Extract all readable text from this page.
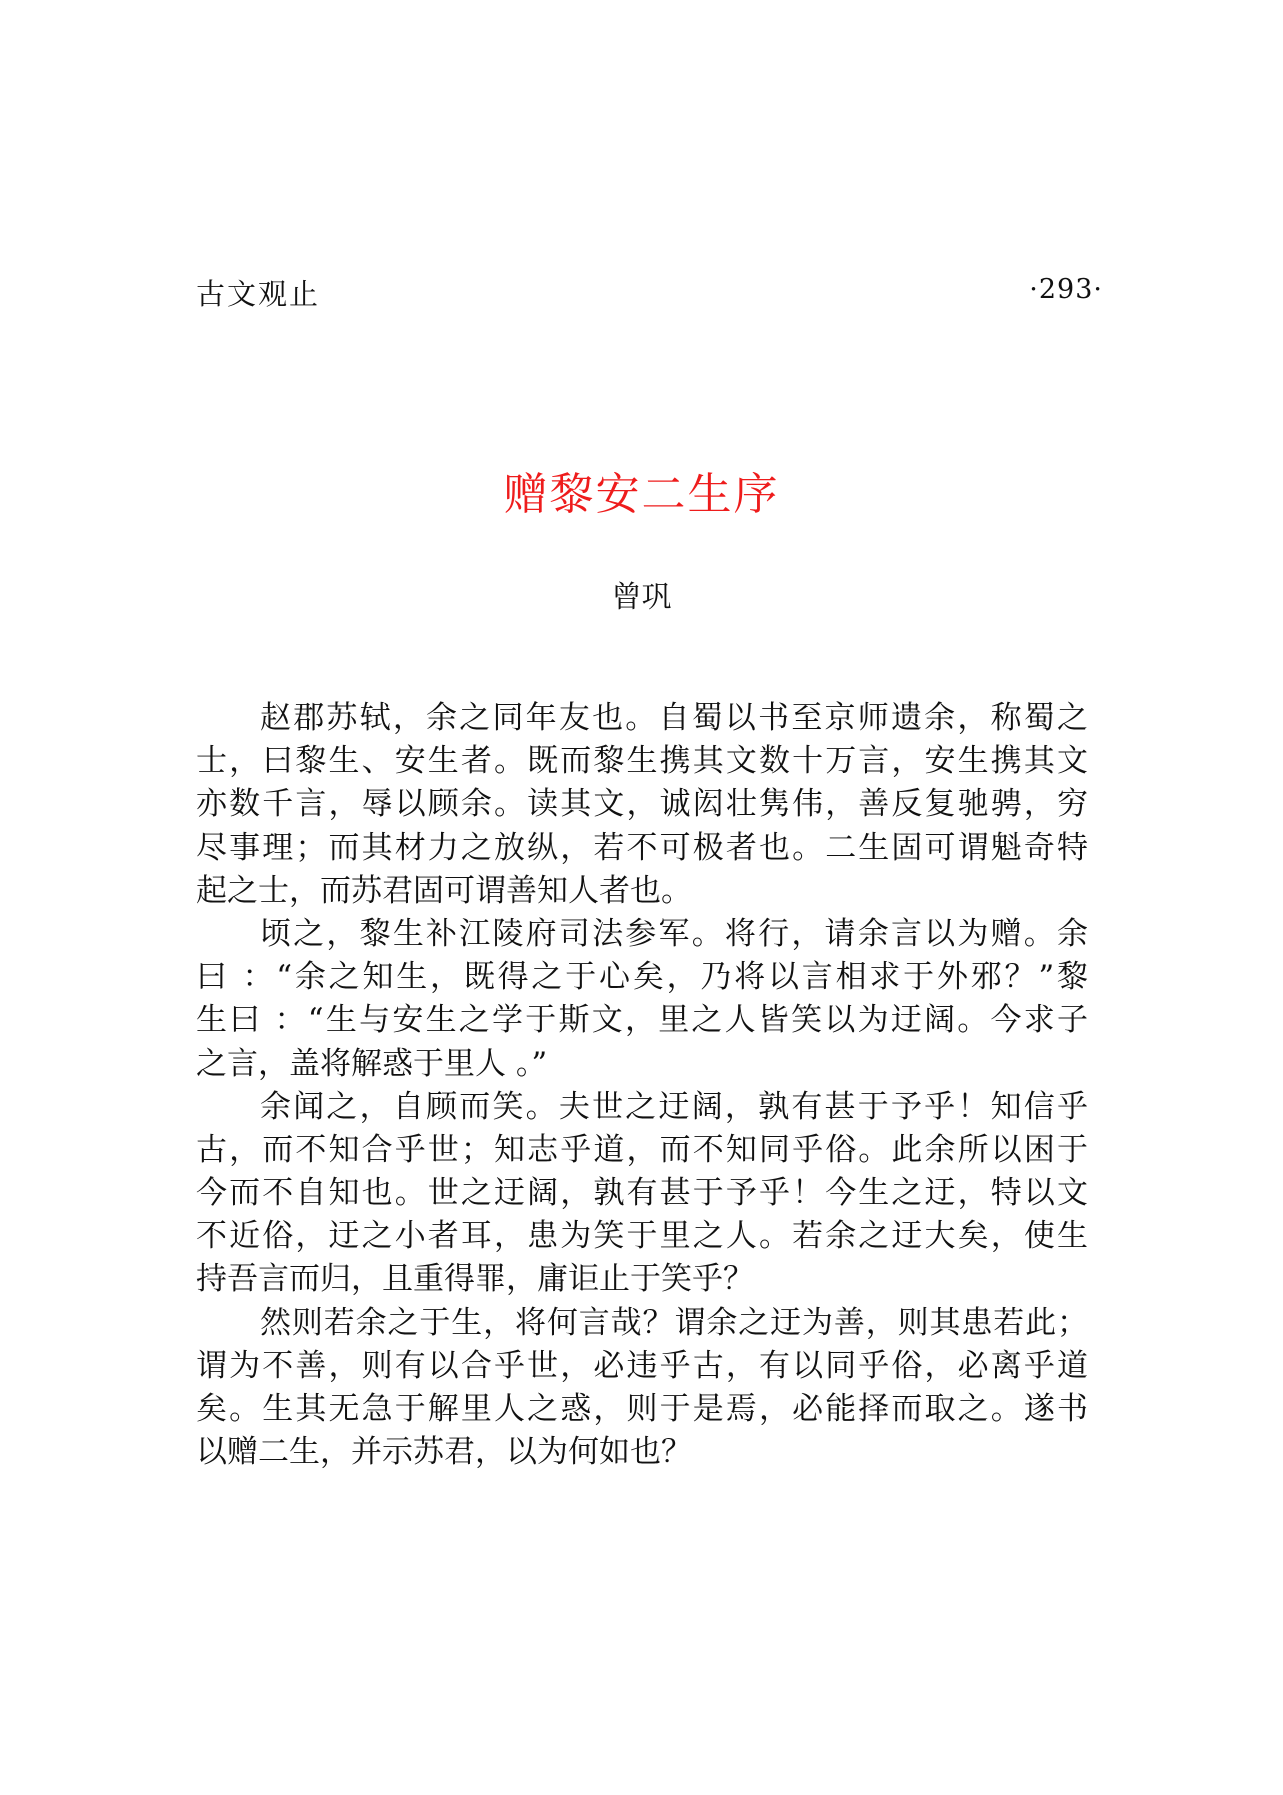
古文观止	·293·
赠黎安二生序
曾巩
赵郡苏轼，余之同年友也。自蜀以书至京师遗余，称蜀之
士，曰黎生、安生者。既而黎生携其文数十万言，安生携其文
亦数千言，辱以顾余。读其文，诚闳壮隽伟，善反复驰骋，穷
尽事理；而其材力之放纵，若不可极者也。二生固可谓魁奇特
起之士，而苏君固可谓善知人者也。
顷之，黎生补江陵府司法参军。将行，请余言以为赠。余
曰 ：“余之知生，既得之于心矣，乃将以言相求于外邪？”黎
生曰 ：“生与安生之学于斯文，里之人皆笑以为迂阔。今求子
之言，盖将解惑于里人 。”
余闻之，自顾而笑。夫世之迂阔，孰有甚于予乎！知信乎
古，而不知合乎世；知志乎道，而不知同乎俗。此余所以困于
今而不自知也。世之迂阔，孰有甚于予乎！今生之迂，特以文
不近俗，迂之小者耳，患为笑于里之人。若余之迂大矣，使生
持吾言而归，且重得罪，庸讵止于笑乎？
然则若余之于生，将何言哉？谓余之迂为善，则其患若此；
谓为不善，则有以合乎世，必违乎古，有以同乎俗，必离乎道
矣。生其无急于解里人之惑，则于是焉，必能择而取之。遂书
以赠二生，并示苏君，以为何如也？
